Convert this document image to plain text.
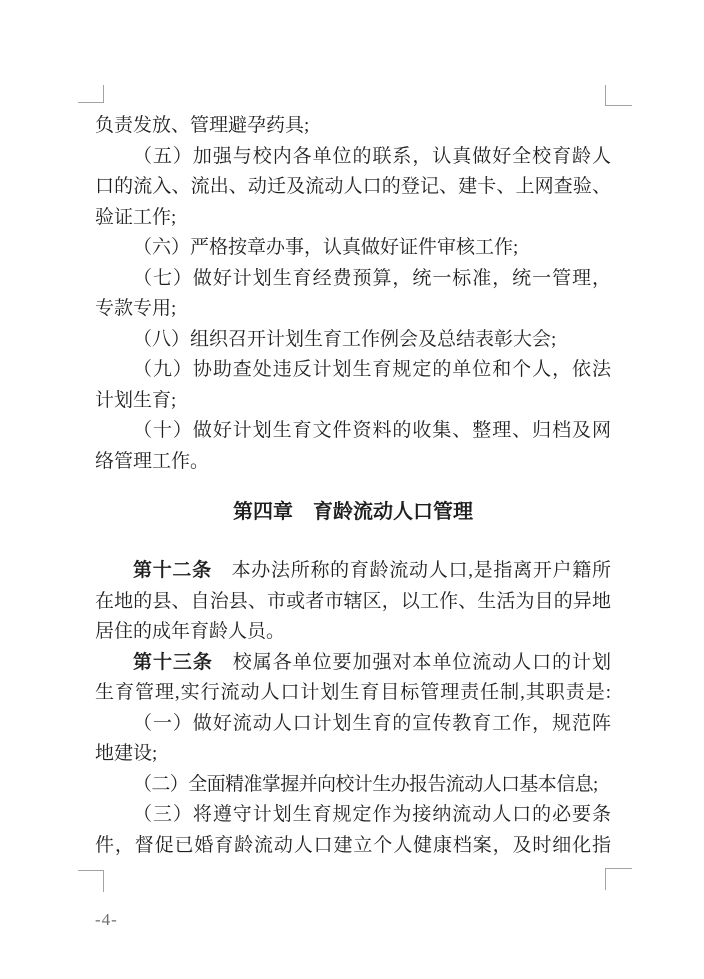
负责发放、管理避孕药具;
（五）加强与校内各单位的联系，认真做好全校育龄人
口的流入、流出、动迁及流动人口的登记、建卡、上网查验、
验证工作;
（六）严格按章办事，认真做好证件审核工作;
（七）做好计划生育经费预算，统一标准，统一管理，
专款专用;
（八）组织召开计划生育工作例会及总结表彰大会;
（九）协助查处违反计划生育规定的单位和个人，依法
计划生育;
（十）做好计划生育文件资料的收集、整理、归档及网
络管理工作。
第四章　育龄流动人口管理
第十二条　本办法所称的育龄流动人口,是指离开户籍所
在地的县、自治县、市或者市辖区，以工作、生活为目的异地
居住的成年育龄人员。
第十三条　校属各单位要加强对本单位流动人口的计划
生育管理,实行流动人口计划生育目标管理责任制,其职责是:
（一）做好流动人口计划生育的宣传教育工作，规范阵
地建设;
（二）全面精准掌握并向校计生办报告流动人口基本信息;
（三）将遵守计划生育规定作为接纳流动人口的必要条
件，督促已婚育龄流动人口建立个人健康档案，及时细化指
-4-
